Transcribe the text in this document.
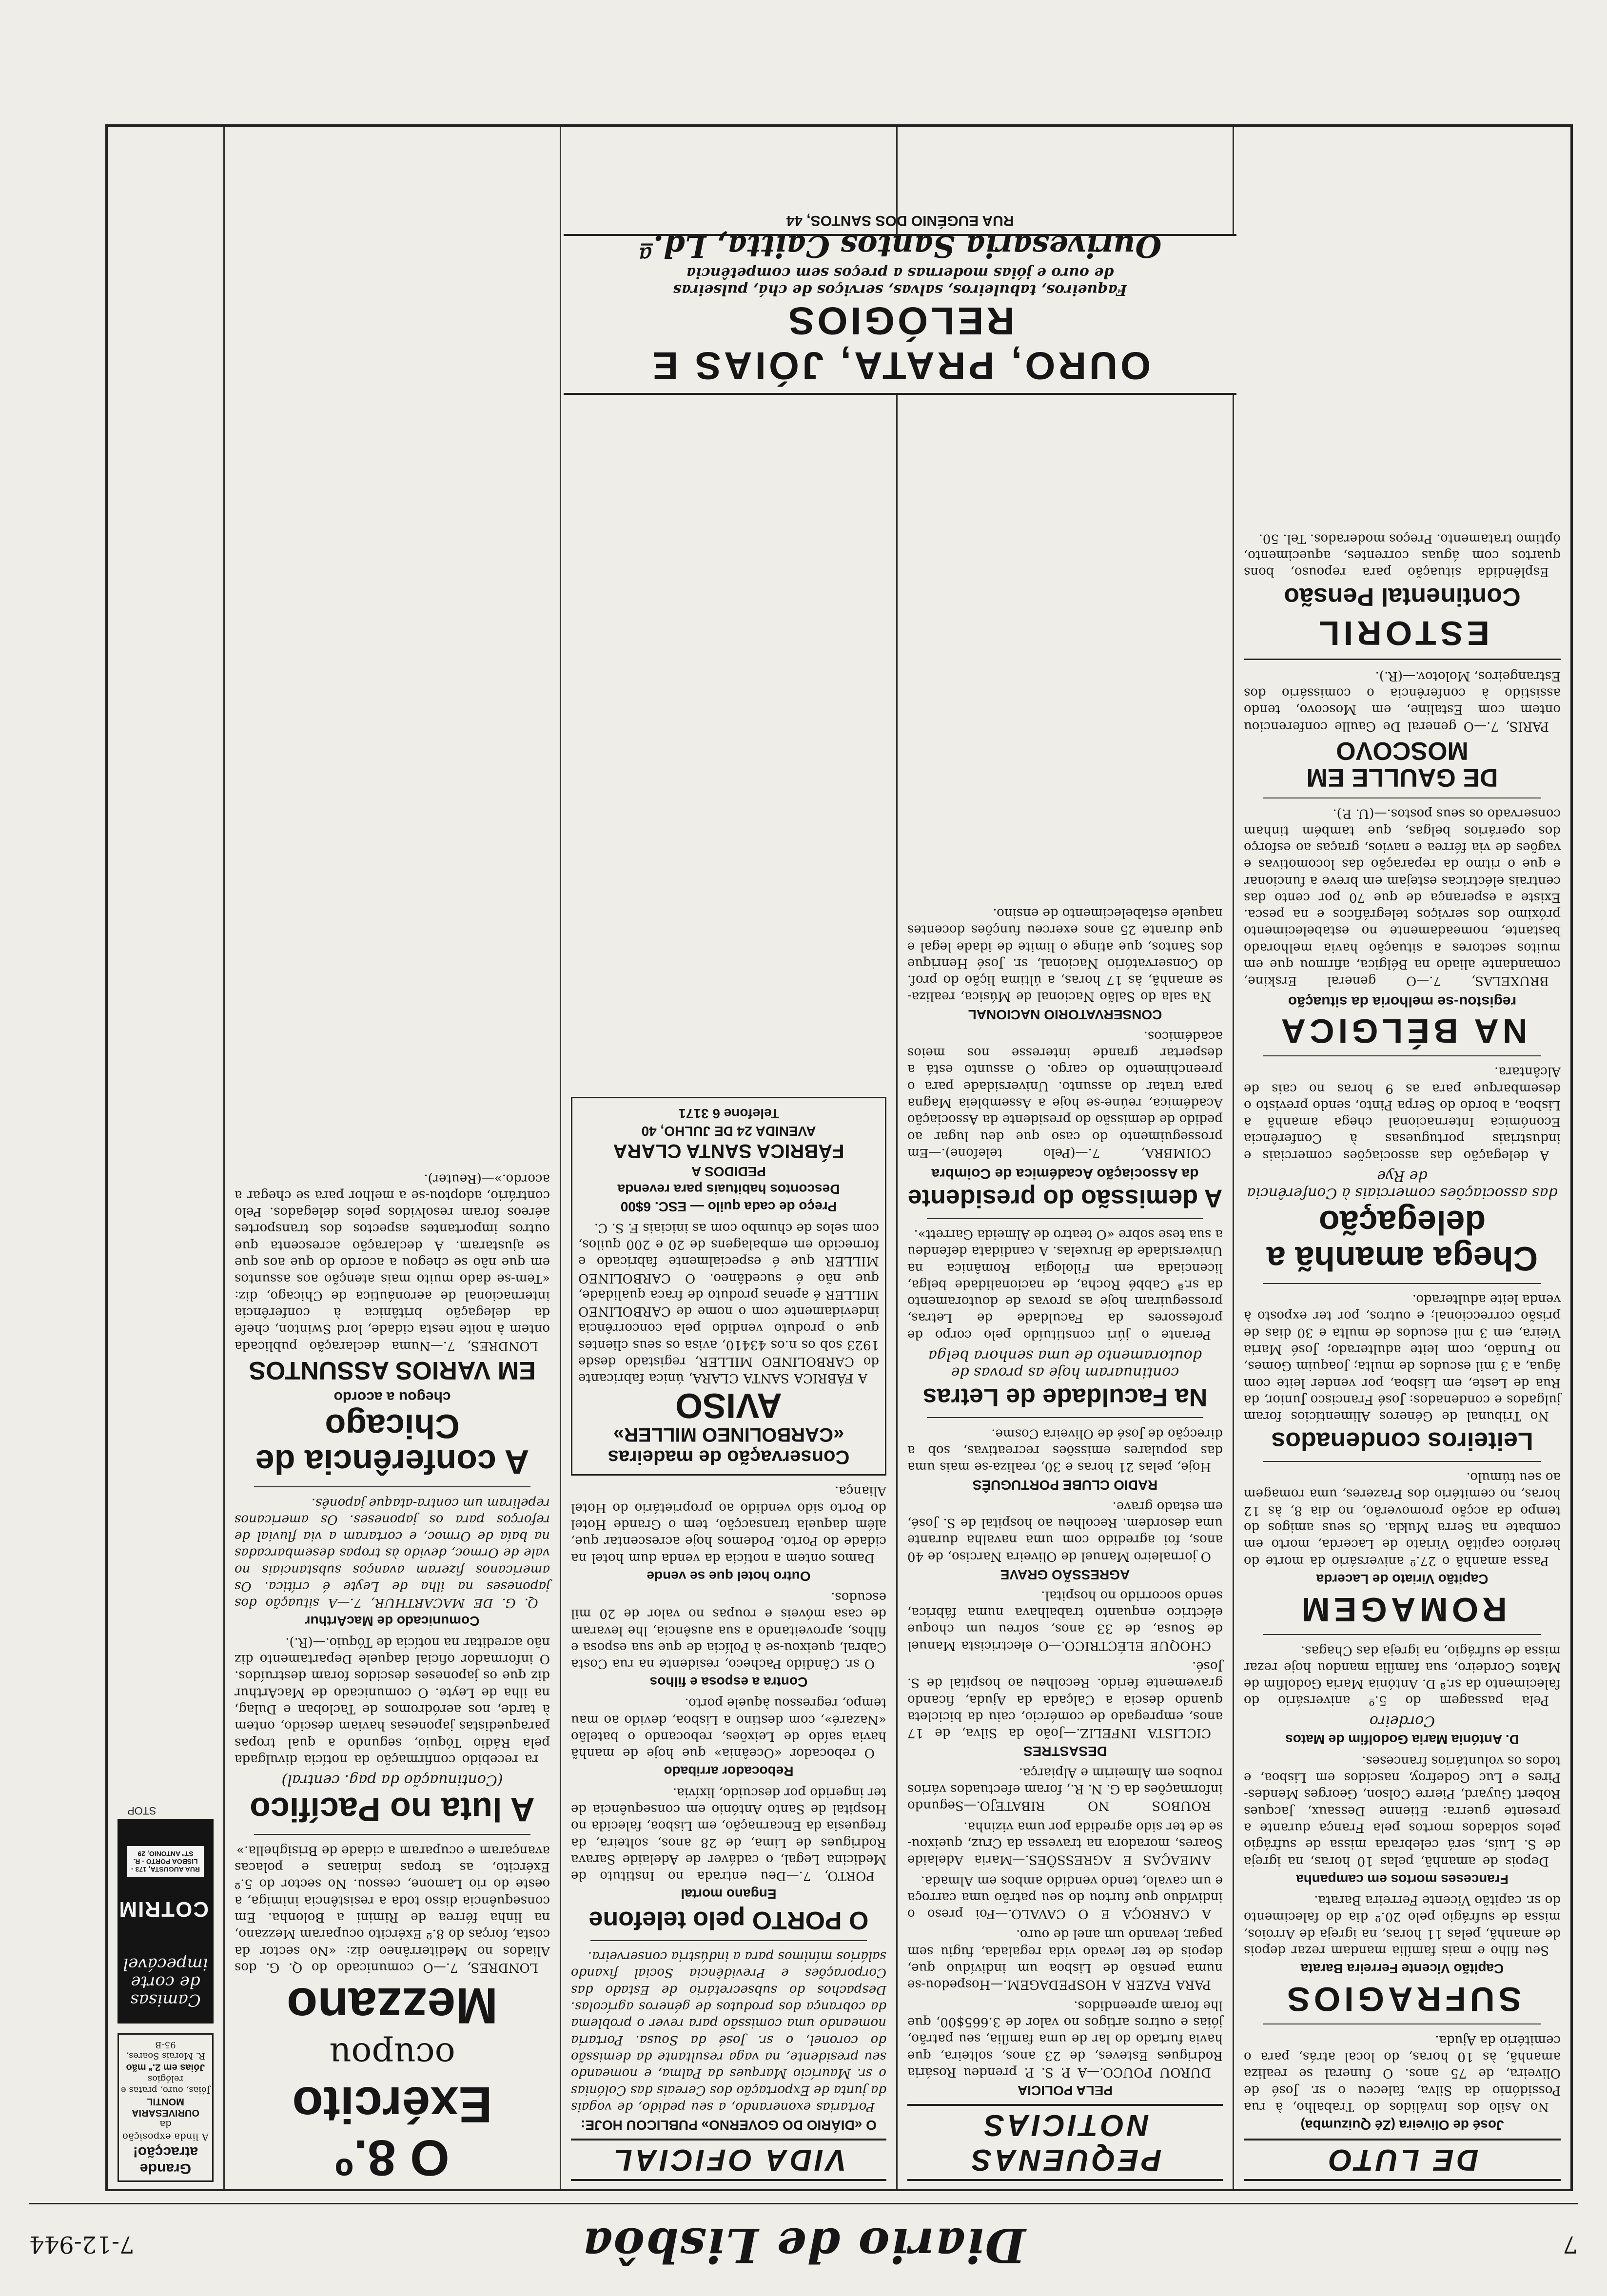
7
Diario de Lisbôa
7-12-944
DE LUTO
José de Oliveira (Zé Quizumba)

No Asilo dos Inválidos do Trabalho, à rua Possidónio da Silva, faleceu o sr. José de Oliveira, de 75 anos. O funeral se realiza amanhã, às 10 horas, do local atrás, para o cemitério da Ajuda.

SUFRAGIOS
Capitão Vicente Ferreira Barata

Seu filho e mais família mandam rezar depois de amanhã, pelas 11 horas, na igreja de Arroios, missa de sufrágio pelo 20.º dia do falecimento do sr. capitão Vicente Ferreira Barata.

Franceses mortos em campanha

Depois de amanhã, pelas 10 horas, na igreja de S. Luís, será celebrada missa de sufrágio pelos soldados mortos pela França durante a presente guerra: Etienne Dessaux, Jacques Robert Guyard, Pierre Colson, Georges Mendes-Pires e Luc Godefroy, nascidos em Lisboa, e todos os voluntários franceses.

D. Antónia Maria Godolfim de Matos
Cordeiro

Pela passagem do 5.º aniversário do falecimento da sr.ª D. Antónia Maria Godolfim de Matos Cordeiro, sua família mandou hoje rezar missa de sufrágio, na igreja das Chagas.

ROMAGEM
Capitão Viriato de Lacerda

Passa amanhã o 27.º aniversário da morte do heróico capitão Viriato de Lacerda, morto em combate na Serra Mukla. Os seus amigos do tempo da acção promoverão, no dia 8, às 12 horas, no cemitério dos Prazeres, uma romagem ao seu túmulo.

Leiteiros condenados

No Tribunal de Géneros Alimentícios foram julgados e condenados: José Francisco Junior, da Rua de Leste, em Lisboa, por vender leite com água, a 3 mil escudos de multa; Joaquim Gomes, no Fundão, com leite adulterado; José Maria Vieira, em 3 mil escudos de multa e 30 dias de prisão correccional; e outros, por ter exposto à venda leite adulterado.

Chega amanhã a delegação
das associações comerciais à Conferência de Rye

A delegação das associações comerciais e industriais portuguesas à Conferência Económica Internacional chega amanhã a Lisboa, a bordo do Serpa Pinto, sendo previsto o desembarque para as 9 horas no cais de Alcântara.

NA BÉLGICA
registou-se melhoria da situação

BRUXELAS, 7.—O general Erskine, comandante aliado na Bélgica, afirmou que em muitos sectores a situação havia melhorado bastante, nomeadamente no estabelecimento próximo dos serviços telegráficos e na pesca. Existe a esperança de que 70 por cento das centrais eléctricas estejam em breve a funcionar e que o ritmo da reparação das locomotivas e vagões de via férrea e navios, graças ao esforço dos operários belgas, que também tinham conservado os seus postos.—(U. P.).

DE GAULLE EM MOSCOVO

PARIS, 7.—O general De Gaulle conferenciou ontem com Estaline, em Moscovo, tendo assistido à conferência o comissário dos Estrangeiros, Molotov.—(R.).

ESTORIL
Continental Pensão

Esplêndida situação para repouso, bons quartos com águas correntes, aquecimento, óptimo tratamento. Preços moderados. Tel. 50.

PEQUENAS NOTICIAS
PELA POLICIA

DUROU POUCO.—A P. S. P. prendeu Rosária Rodrigues Esteves, de 23 anos, solteira, que havia furtado do lar de uma família, seu patrão, jóias e outros artigos no valor de 3.665$00, que lhe foram apreendidos.

PARA FAZER A HOSPEDAGEM.—Hospedou-se numa pensão de Lisboa um indivíduo que, depois de ter levado vida regalada, fugiu sem pagar, levando um anel de ouro.

A CARROÇA E O CAVALO.—Foi preso o indivíduo que furtou do seu patrão uma carroça e um cavalo, tendo vendido ambos em Almada.

AMEAÇAS E AGRESSÕES.—Maria Adelaide Soares, moradora na travessa da Cruz, queixou-se de ter sido agredida por uma vizinha.

ROUBOS NO RIBATEJO.—Segundo informações da G. N. R., foram efectuados vários roubos em Almeirim e Alpiarça.

DESASTRES

CICLISTA INFELIZ.—João da Silva, de 17 anos, empregado de comércio, caiu da bicicleta quando descia a Calçada da Ajuda, ficando gravemente ferido. Recolheu ao hospital de S. José.

CHOQUE ELÉCTRICO.—O electricista Manuel de Sousa, de 33 anos, sofreu um choque eléctrico enquanto trabalhava numa fábrica, sendo socorrido no hospital.

AGRESSÃO GRAVE

O jornaleiro Manuel de Oliveira Narciso, de 40 anos, foi agredido com uma navalha durante uma desordem. Recolheu ao hospital de S. José, em estado grave.

RADIO CLUBE PORTUGUÊS

Hoje, pelas 21 horas e 30, realiza-se mais uma das populares emissões recreativas, sob a direcção de José de Oliveira Cosme.

Na Faculdade de Letras
continuaram hoje as provas de doutoramento de uma senhora belga

Perante o júri constituído pelo corpo de professores da Faculdade de Letras, prosseguiram hoje as provas de doutoramento da sr.ª Cabbé Rocha, de nacionalidade belga, licenciada em Filologia Românica na Universidade de Bruxelas. A candidata defendeu a sua tese sobre «O teatro de Almeida Garrett».

A demissão do presidente
da Associação Académica de Coimbra

COIMBRA, 7.—(Pelo telefone).—Em prosseguimento do caso que deu lugar ao pedido de demissão do presidente da Associação Académica, reúne-se hoje a Assembleia Magna para tratar do assunto. Universidade para o preenchimento do cargo. O assunto está a despertar grande interesse nos meios académicos.

CONSERVATORIO NACIONAL

Na sala do Salão Nacional de Música, realiza-se amanhã, às 17 horas, a última lição do prof. do Conservatório Nacional, sr. José Henrique dos Santos, que atinge o limite de idade legal e que durante 25 anos exerceu funções docentes naquele estabelecimento de ensino.

VIDA OFICIAL
O «DIÁRIO DO GOVERNO» PUBLICOU HOJE:

Portarias exonerando, a seu pedido, de vogais da junta de Exportação dos Cereais das Colónias o sr. Maurício Marques da Palma, e nomeando seu presidente, na vaga resultante da demissão do coronel, o sr. José da Sousa. Portaria nomeando uma comissão para rever o problema da cobrança dos produtos de géneros agrícolas. Despachos do subsecretário de Estado das Corporações e Previdência Social fixando salários mínimos para a indústria conserveira.

O PORTO pelo telefone
Engano mortal

PORTO, 7.—Deu entrada no Instituto de Medicina Legal, o cadáver de Adelaide Sarava Rodrigues de Lima, de 28 anos, solteira, da freguesia da Encarnação, em Lisboa, falecida no Hospital de Santo António em consequência de ter ingerido por descuido, lixívia.

Rebocador arribado

O rebocador «Oceânia» que hoje de manhã havia saído de Leixões, rebocando o batelão «Nazaré», com destino a Lisboa, devido ao mau tempo, regressou àquele porto.

Contra a esposa e filhos

O sr. Cândido Pacheco, residente na rua Costa Cabral, queixou-se à Polícia de que sua esposa e filhos, aproveitando a sua ausência, lhe levaram de casa móveis e roupas no valor de 20 mil escudos.

Outro hotel que se vende

Damos ontem a notícia da venda dum hotel na cidade do Porto. Podemos hoje acrescentar que, além daquela transacção, tem o Grande Hotel do Porto sido vendido ao proprietário do Hotel Aliança.

Conservação de madeiras
«CARBOLINEO MILLER»
AVISO

A FÁBRICA SANTA CLARA, única fabricante do CARBOLINEO MILLER, registado desde 1923 sob os n.os 43410, avisa os seus clientes que o produto vendido pela concorrência indevidamente com o nome de CARBOLINEO MILLER é apenas produto de fraca qualidade, que não é sucedâneo. O CARBOLINEO MILLER que é especialmente fabricado e fornecido em embalagens de 20 e 200 quilos, com selos de chumbo com as iniciais F. S. C.

Preço de cada quilo — ESC. 6$00
Descontos habituais para revenda
PEDIDOS A
FÁBRICA SANTA CLARA
AVENIDA 24 DE JULHO, 40
Telefone 6 3171
O 8.º Exército
ocupou
Mezzano

LONDRES, 7.—O comunicado do Q. G. dos Aliados no Mediterrâneo diz: «No sector da costa, forças do 8.º Exército ocuparam Mezzano, na linha férrea de Rimini a Bolonha. Em consequência disso toda a resistência inimiga, a oeste do rio Lamone, cessou. No sector do 5.º Exército, as tropas indianas e polacas avançaram e ocuparam a cidade de Brisighella.»

A luta no Pacífico
(Continuação da pag. central)

ra recebido confirmação da notícia divulgada pela Rádio Tóquio, segundo a qual tropas paraquedistas japonesas haviam descido, ontem à tarde, nos aeródromos de Tacloban e Dulag, na ilha de Leyte. O comunicado de MacArthur diz que os japoneses descidos foram destruídos. O informador oficial daquele Departamento diz não acreditar na notícia de Tóquio.—(R.).

Comunicado de MacArthur

Q. G. DE MACARTHUR, 7.—A situação dos japoneses na ilha de Leyte é crítica. Os americanos fizeram avanços substanciais no vale de Ormoc, devido às tropas desembarcadas na baía de Ormoc, e cortaram a via fluvial de reforços para os japoneses. Os americanos repeliram um contra-ataque japonês.

A conferência de Chicago
chegou a acordo
EM VARIOS ASSUNTOS

LONDRES, 7.—Numa declaração publicada ontem à noite nesta cidade, lord Swinton, chefe da delegação britânica à conferência internacional de aeronáutica de Chicago, diz: «Tem-se dado muito mais atenção aos assuntos em que não se chegou a acordo do que aos que se ajustaram. A declaração acrescenta que outros importantes aspectos dos transportes aéreos foram resolvidos pelos delegados. Pelo contrário, adoptou-se a melhor para se chegar a acordo.»—(Reuter).

Grande atracção!
A linda exposição da
OURIVESARIA MONTIL
Jóias, ouro, pratas e relógios
Jóias em 2.ª mão
R. Morais Soares, 95-B
Camisas de corte impecável
COTRIM
RUA AUGUSTA, 173 - LISBOA PORTO - R. STº ANTONIO, 29
STOP
OURO, PRATA, JÓIAS E RELÓGIOS
Faqueiros, tabuleiros, salvas, serviços de chá, pulseiras
de ouro e jóias modernas a preços sem competência
Ourivesaria Santos Caitta, Ld.ª
RUA EUGÉNIO DOS SANTOS, 44
